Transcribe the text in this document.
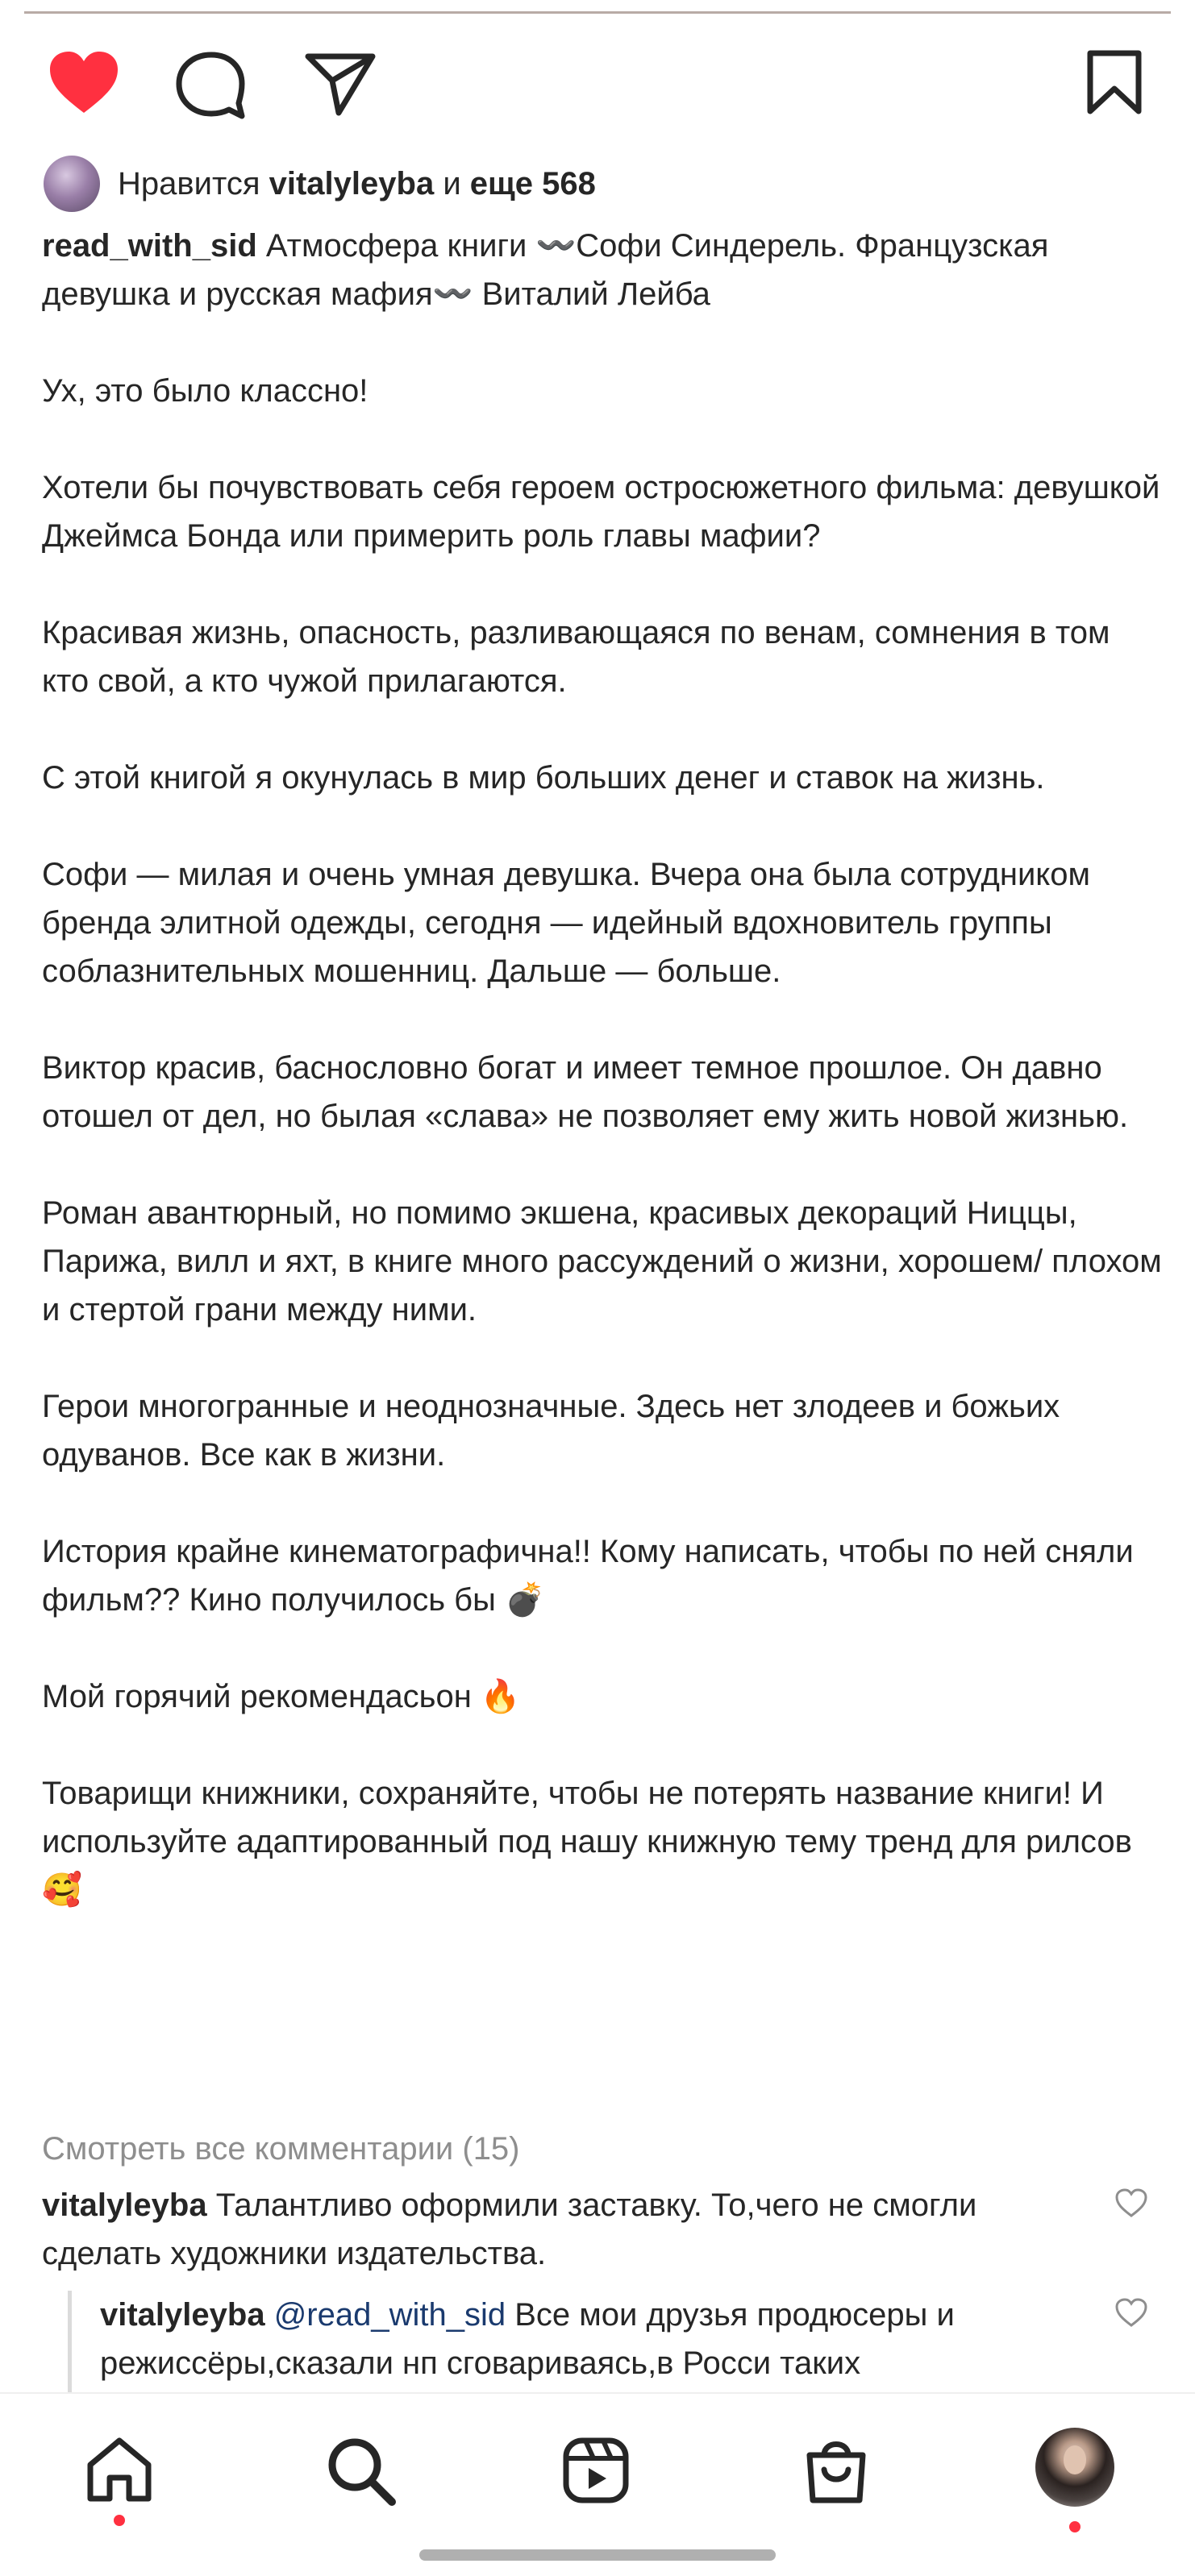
Нравится vitalyleyba и еще 568
read_with_sid Атмосфера книги 〰️Софи Синдерель. Французская девушка и русская мафия〰️ Виталий Лейба

Ух, это было классно!

Хотели бы почувствовать себя героем остросюжетного фильма: девушкой Джеймса Бонда или примерить роль главы мафии?

Красивая жизнь, опасность, разливающаяся по венам, сомнения в том кто свой, а кто чужой прилагаются.

С этой книгой я окунулась в мир больших денег и ставок на жизнь.

Софи — милая и очень умная девушка. Вчера она была сотрудником бренда элитной одежды, сегодня — идейный вдохновитель группы соблазнительных мошенниц. Дальше — больше.

Виктор красив, баснословно богат и имеет темное прошлое. Он давно отошел от дел, но былая «слава» не позволяет ему жить новой жизнью.

Роман авантюрный, но помимо экшена, красивых декораций Ниццы, Парижа, вилл и яхт, в книге много рассуждений о жизни, хорошем/ плохом и стертой грани между ними.

Герои многогранные и неоднозначные. Здесь нет злодеев и божьих одуванов. Все как в жизни.

История крайне кинематографична!! Кому написать, чтобы по ней сняли фильм?? Кино получилось бы 💣

Мой горячий рекомендасьон 🔥

Товарищи книжники, сохраняйте, чтобы не потерять название книги! И используйте адаптированный под нашу книжную тему тренд для рилсов 🥰
Смотреть все комментарии (15)
vitalyleyba Талантливо оформили заставку. То,чего не смогли сделать художники издательства.
vitalyleyba @read_with_sid Все мои друзья продюсеры и режиссёры,сказали нп сговариваясь,в Росси таких
